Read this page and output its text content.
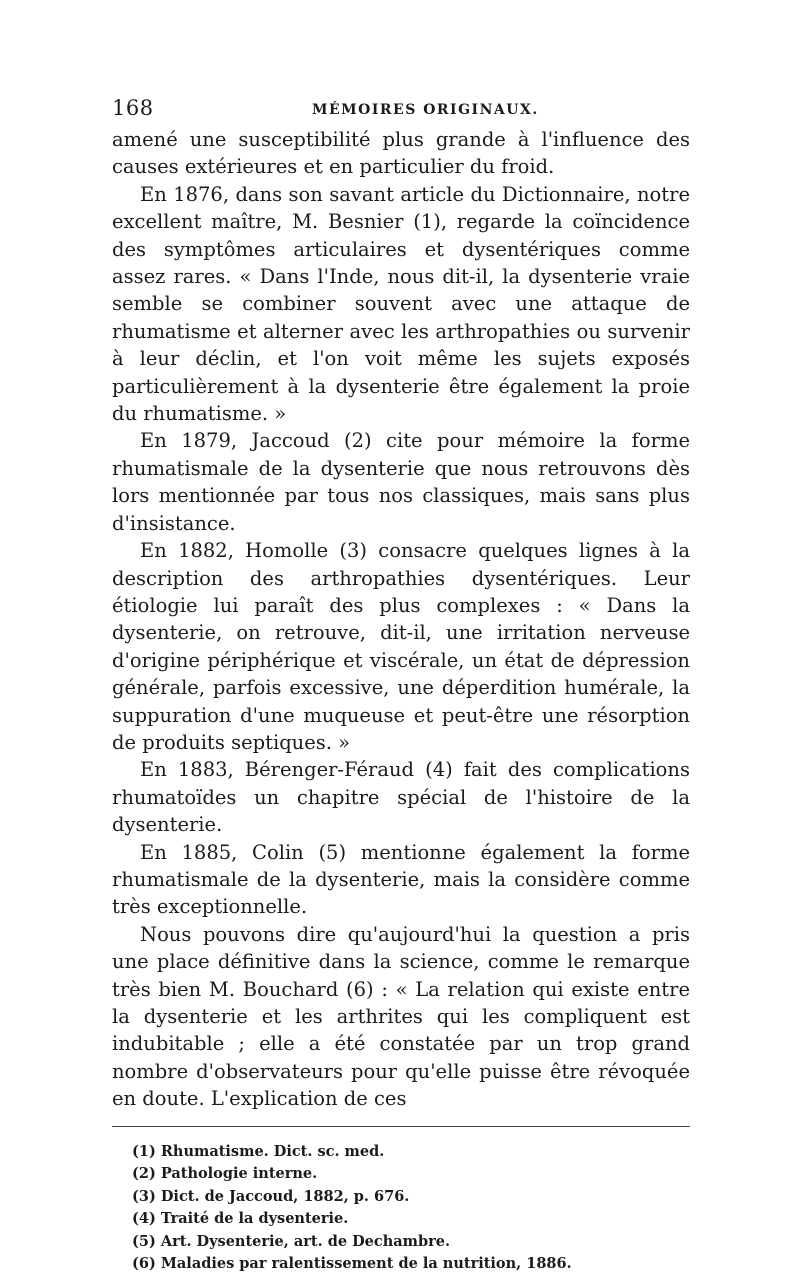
168	MÉMOIRES ORIGINAUX.

amené une susceptibilité plus grande à l'influence des causes extérieures et en particulier du froid.

En 1876, dans son savant article du Dictionnaire, notre excellent maître, M. Besnier (1), regarde la coïncidence des symptômes articulaires et dysentériques comme assez rares. « Dans l'Inde, nous dit-il, la dysenterie vraie semble se combiner souvent avec une attaque de rhumatisme et alterner avec les arthropathies ou survenir à leur déclin, et l'on voit même les sujets exposés particulièrement à la dysenterie être également la proie du rhumatisme. »

En 1879, Jaccoud (2) cite pour mémoire la forme rhumatismale de la dysenterie que nous retrouvons dès lors mentionnée par tous nos classiques, mais sans plus d'insistance.

En 1882, Homolle (3) consacre quelques lignes à la description des arthropathies dysentériques. Leur étiologie lui paraît des plus complexes : « Dans la dysenterie, on retrouve, dit-il, une irritation nerveuse d'origine périphérique et viscérale, un état de dépression générale, parfois excessive, une déperdition humérale, la suppuration d'une muqueuse et peut-être une résorption de produits septiques. »

En 1883, Bérenger-Féraud (4) fait des complications rhumatoïdes un chapitre spécial de l'histoire de la dysenterie.

En 1885, Colin (5) mentionne également la forme rhumatismale de la dysenterie, mais la considère comme très exceptionnelle.

Nous pouvons dire qu'aujourd'hui la question a pris une place définitive dans la science, comme le remarque très bien M. Bouchard (6) : « La relation qui existe entre la dysenterie et les arthrites qui les compliquent est indubitable ; elle a été constatée par un trop grand nombre d'observateurs pour qu'elle puisse être révoquée en doute. L'explication de ces

(1) Rhumatisme. Dict. sc. med.
(2) Pathologie interne.
(3) Dict. de Jaccoud, 1882, p. 676.
(4) Traité de la dysenterie.
(5) Art. Dysenterie, art. de Dechambre.
(6) Maladies par ralentissement de la nutrition, 1886.
